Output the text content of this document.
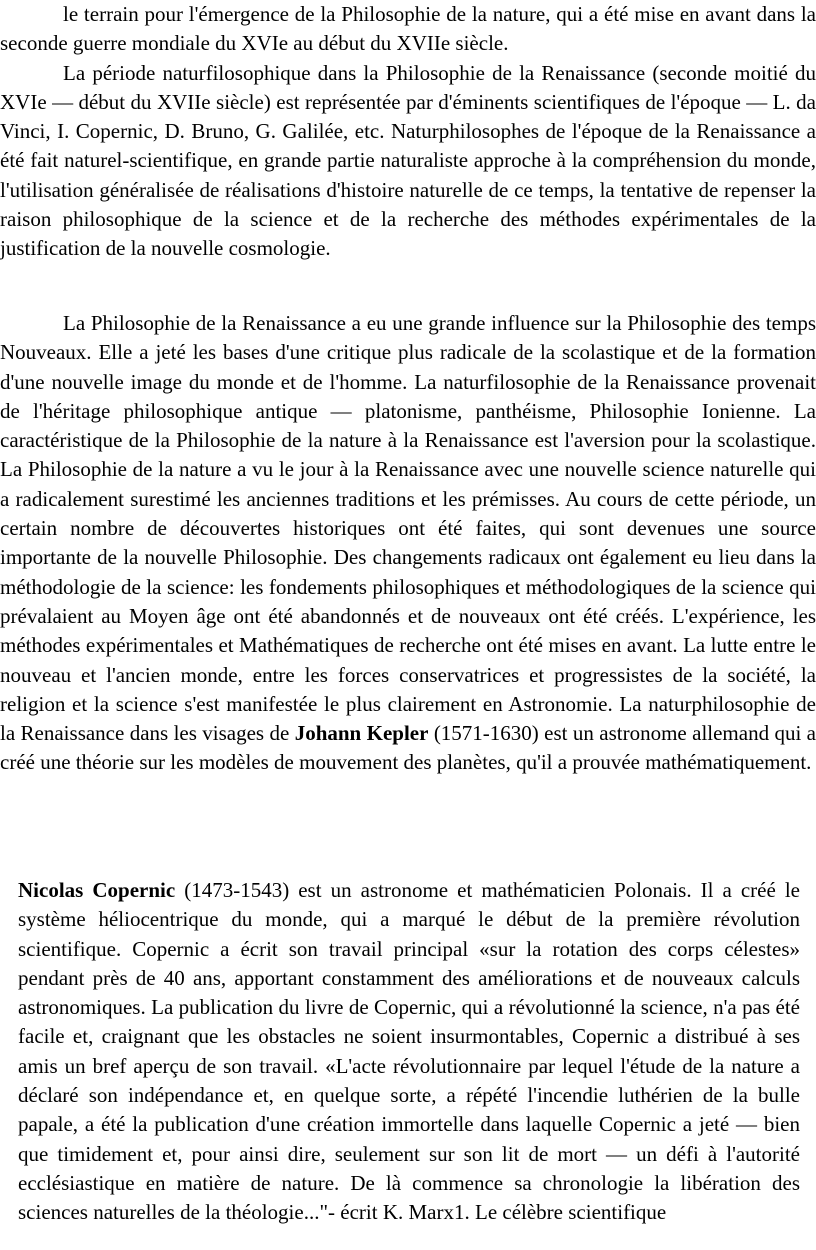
le terrain pour l'émergence de la Philosophie de la nature, qui a été mise en avant dans la seconde guerre mondiale du XVIe au début du XVIIe siècle.

La période naturfilosophique dans la Philosophie de la Renaissance (seconde moitié du XVIe — début du XVIIe siècle) est représentée par d'éminents scientifiques de l'époque — L. da Vinci, I. Copernic, D. Bruno, G. Galilée, etc. Naturphilosophes de l'époque de la Renaissance a été fait naturel-scientifique, en grande partie naturaliste approche à la compréhension du monde, l'utilisation généralisée de réalisations d'histoire naturelle de ce temps, la tentative de repenser la raison philosophique de la science et de la recherche des méthodes expérimentales de la justification de la nouvelle cosmologie.

La Philosophie de la Renaissance a eu une grande influence sur la Philosophie des temps Nouveaux. Elle a jeté les bases d'une critique plus radicale de la scolastique et de la formation d'une nouvelle image du monde et de l'homme. La naturfilosophie de la Renaissance provenait de l'héritage philosophique antique — platonisme, panthéisme, Philosophie Ionienne. La caractéristique de la Philosophie de la nature à la Renaissance est l'aversion pour la scolastique. La Philosophie de la nature a vu le jour à la Renaissance avec une nouvelle science naturelle qui a radicalement surestimé les anciennes traditions et les prémisses. Au cours de cette période, un certain nombre de découvertes historiques ont été faites, qui sont devenues une source importante de la nouvelle Philosophie. Des changements radicaux ont également eu lieu dans la méthodologie de la science: les fondements philosophiques et méthodologiques de la science qui prévalaient au Moyen âge ont été abandonnés et de nouveaux ont été créés. L'expérience, les méthodes expérimentales et Mathématiques de recherche ont été mises en avant. La lutte entre le nouveau et l'ancien monde, entre les forces conservatrices et progressistes de la société, la religion et la science s'est manifestée le plus clairement en Astronomie. La naturphilosophie de la Renaissance dans les visages de Johann Kepler (1571-1630) est un astronome allemand qui a créé une théorie sur les modèles de mouvement des planètes, qu'il a prouvée mathématiquement.

Nicolas Copernic (1473-1543) est un astronome et mathématicien Polonais. Il a créé le système héliocentrique du monde, qui a marqué le début de la première révolution scientifique. Copernic a écrit son travail principal «sur la rotation des corps célestes» pendant près de 40 ans, apportant constamment des améliorations et de nouveaux calculs astronomiques. La publication du livre de Copernic, qui a révolutionné la science, n'a pas été facile et, craignant que les obstacles ne soient insurmontables, Copernic a distribué à ses amis un bref aperçu de son travail. «L'acte révolutionnaire par lequel l'étude de la nature a déclaré son indépendance et, en quelque sorte, a répété l'incendie luthérien de la bulle papale, a été la publication d'une création immortelle dans laquelle Copernic a jeté — bien que timidement et, pour ainsi dire, seulement sur son lit de mort — un défi à l'autorité ecclésiastique en matière de nature. De là commence sa chronologie la libération des sciences naturelles de la théologie..."- écrit K. Marx1. Le célèbre scientifique
